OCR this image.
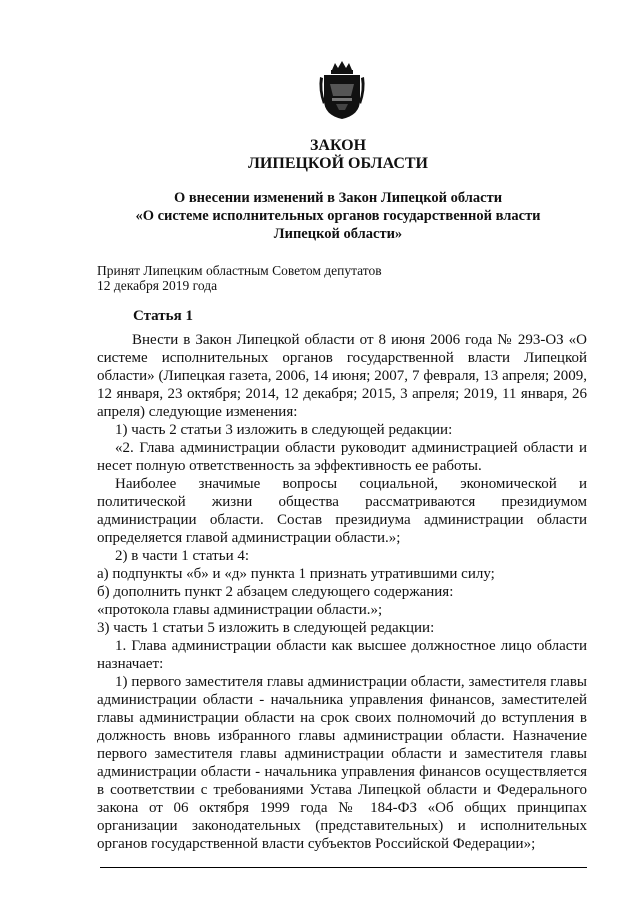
ЗАКОН
ЛИПЕЦКОЙ ОБЛАСТИ
О внесении изменений в Закон Липецкой области
«О системе исполнительных органов государственной власти
Липецкой области»
Принят Липецким областным Советом депутатов
12 декабря 2019 года
Статья 1

Внести в Закон Липецкой области от 8 июня 2006 года № 293-ОЗ «О системе исполнительных органов государственной власти Липецкой области» (Липецкая газета, 2006, 14 июня; 2007, 7 февраля, 13 апреля; 2009, 12 января, 23 октября; 2014, 12 декабря; 2015, 3 апреля; 2019, 11 января, 26 апреля) следующие изменения:

1) часть 2 статьи 3 изложить в следующей редакции:

«2. Глава администрации области руководит администрацией области и несет полную ответственность за эффективность ее работы.

Наиболее значимые вопросы социальной, экономической и политической жизни общества рассматриваются президиумом администрации области. Состав президиума администрации области определяется главой администрации области.»;

2) в части 1 статьи 4:

а) подпункты «б» и «д» пункта 1 признать утратившими силу;

б) дополнить пункт 2 абзацем следующего содержания:

«протокола главы администрации области.»;

3) часть 1 статьи 5 изложить в следующей редакции:

1. Глава администрации области как высшее должностное лицо области назначает:

1) первого заместителя главы администрации области, заместителя главы администрации области - начальника управления финансов, заместителей главы администрации области на срок своих полномочий до вступления в должность вновь избранного главы администрации области. Назначение первого заместителя главы администрации области и заместителя главы администрации области - начальника управления финансов осуществляется в соответствии с требованиями Устава Липецкой области и Федерального закона от 06 октября 1999 года № 184-ФЗ «Об общих принципах организации законодательных (представительных) и исполнительных органов государственной власти субъектов Российской Федерации»;
